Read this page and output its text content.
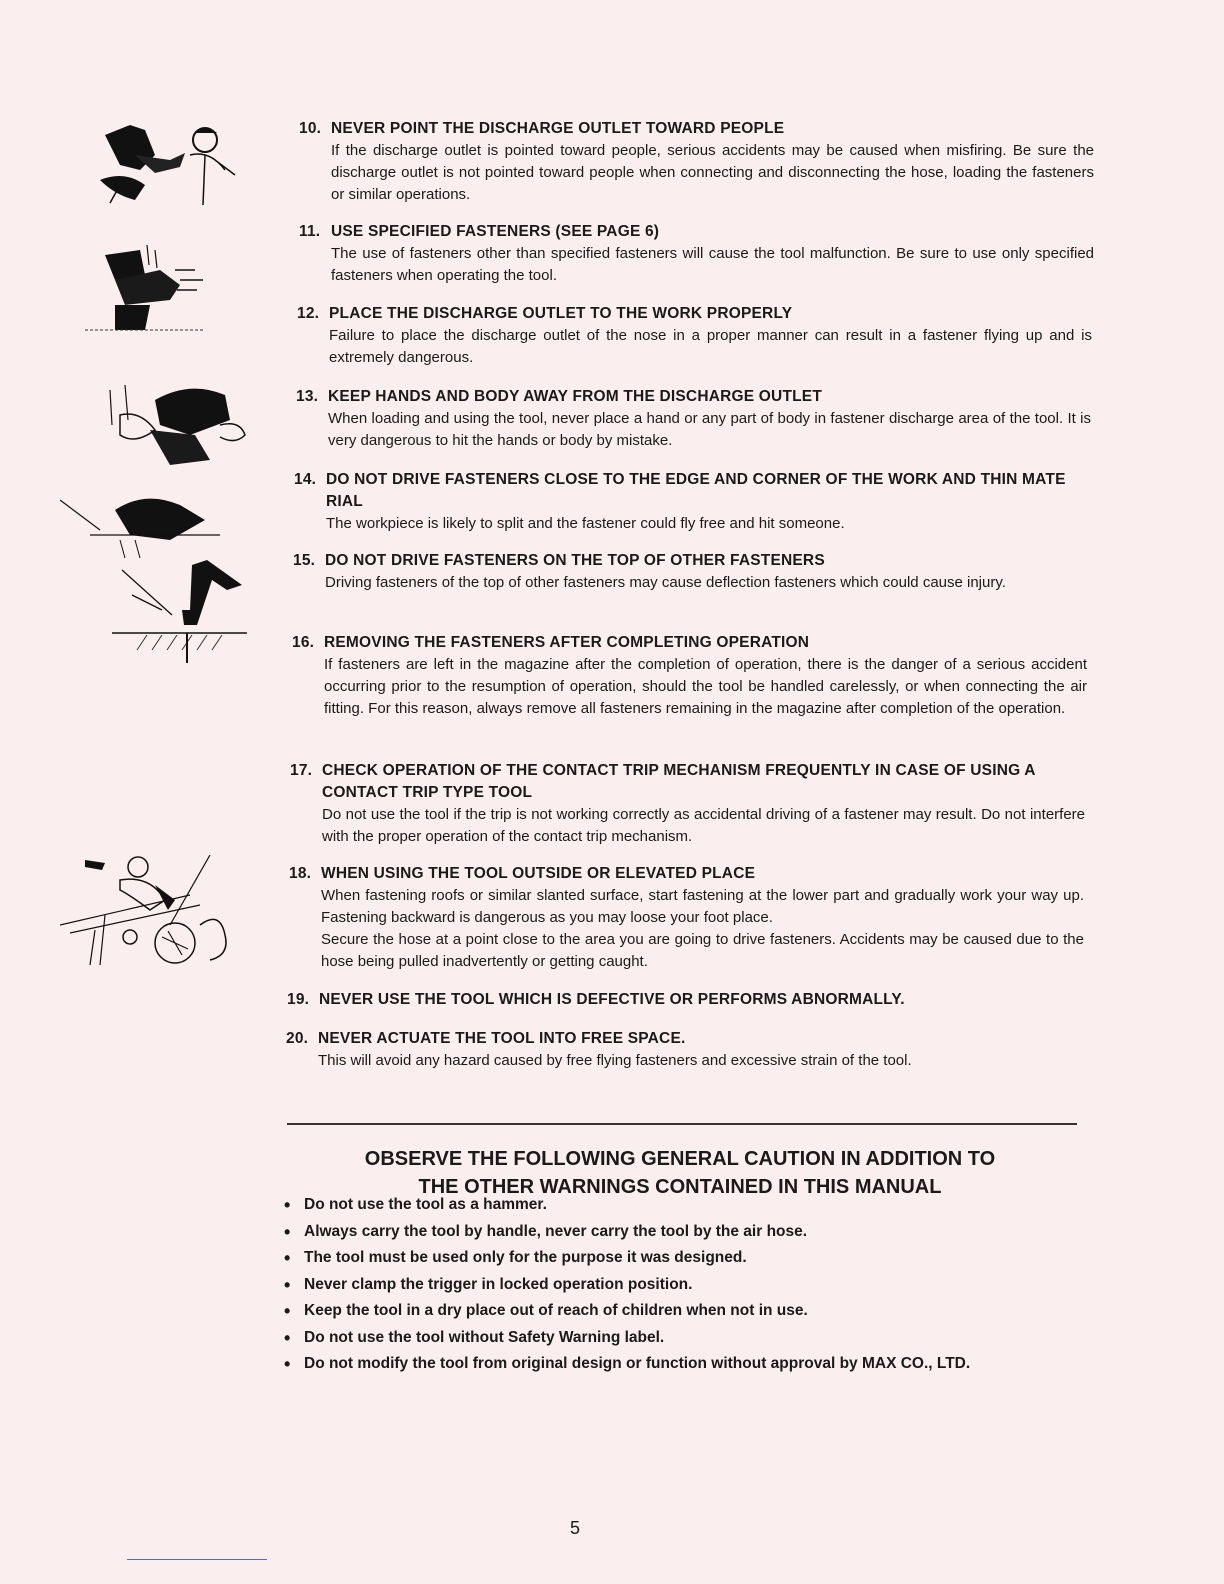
10. NEVER POINT THE DISCHARGE OUTLET TOWARD PEOPLE

If the discharge outlet is pointed toward people, serious accidents may be caused when misfiring. Be sure the discharge outlet is not pointed toward people when connecting and disconnecting the hose, loading the fasteners or similar operations.

11. USE SPECIFIED FASTENERS (SEE PAGE 6)

The use of fasteners other than specified fasteners will cause the tool malfunction. Be sure to use only specified fasteners when operating the tool.

12. PLACE THE DISCHARGE OUTLET TO THE WORK PROPERLY

Failure to place the discharge outlet of the nose in a proper manner can result in a fastener flying up and is extremely dangerous.

13. KEEP HANDS AND BODY AWAY FROM THE DISCHARGE OUTLET

When loading and using the tool, never place a hand or any part of body in fastener discharge area of the tool. It is very dangerous to hit the hands or body by mistake.

14. DO NOT DRIVE FASTENERS CLOSE TO THE EDGE AND CORNER OF THE WORK AND THIN MATE RIAL

The workpiece is likely to split and the fastener could fly free and hit someone.

15. DO NOT DRIVE FASTENERS ON THE TOP OF OTHER FASTENERS

Driving fasteners of the top of other fasteners may cause deflection fasteners which could cause injury.

16. REMOVING THE FASTENERS AFTER COMPLETING OPERATION

If fasteners are left in the magazine after the completion of operation, there is the danger of a serious accident occurring prior to the resumption of operation, should the tool be handled carelessly, or when connecting the air fitting. For this reason, always remove all fasteners remaining in the magazine after completion of the operation.

17. CHECK OPERATION OF THE CONTACT TRIP MECHANISM FREQUENTLY IN CASE OF USING A CONTACT TRIP TYPE TOOL

Do not use the tool if the trip is not working correctly as accidental driving of a fastener may result. Do not interfere with the proper operation of the contact trip mechanism.

18. WHEN USING THE TOOL OUTSIDE OR ELEVATED PLACE

When fastening roofs or similar slanted surface, start fastening at the lower part and gradually work your way up. Fastening backward is dangerous as you may loose your foot place.

Secure the hose at a point close to the area you are going to drive fasteners. Accidents may be caused due to the hose being pulled inadvertently or getting caught.

19. NEVER USE THE TOOL WHICH IS DEFECTIVE OR PERFORMS ABNORMALLY.
20. NEVER ACTUATE THE TOOL INTO FREE SPACE.

This will avoid any hazard caused by free flying fasteners and excessive strain of the tool.

OBSERVE THE FOLLOWING GENERAL CAUTION IN ADDITION TO
THE OTHER WARNINGS CONTAINED IN THIS MANUAL
• Do not use the tool as a hammer.
• Always carry the tool by handle, never carry the tool by the air hose.
• The tool must be used only for the purpose it was designed.
• Never clamp the trigger in locked operation position.
• Keep the tool in a dry place out of reach of children when not in use.
• Do not use the tool without Safety Warning label.
• Do not modify the tool from original design or function without approval by MAX CO., LTD.
5
